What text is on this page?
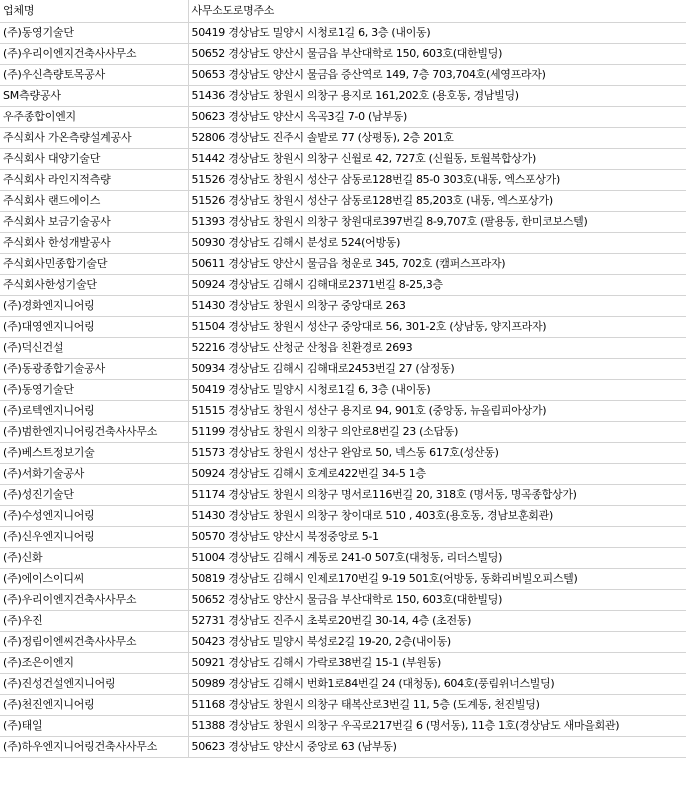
업체명	사무소도로명주소
(주)동영기술단	50419 경상남도 밀양시 시청로1길 6, 3층 (내이동)
(주)우리이엔지건축사사무소	50652 경상남도 양산시 물금읍 부산대학로 150, 603호(대한빌딩)
(주)우신측량토목공사	50653 경상남도 양산시 물금읍 증산역로 149, 7층 703,704호(세영프라자)
SM측량공사	51436 경상남도 창원시 의창구 용지로 161,202호 (용호동, 경남빌딩)
우주종합이엔지	50623 경상남도 양산시 옥곡3길 7-0 (남부동)
주식회사 가온측량설계공사	52806 경상남도 진주시 솔밭로 77 (상평동), 2층 201호
주식회사 대양기술단	51442 경상남도 창원시 의창구 신월로 42, 727호 (신월동, 토월복합상가)
주식회사 라인지적측량	51526 경상남도 창원시 성산구 삼동로128번길 85-0 303호(내동, 엑스포상가)
주식회사 랜드에이스	51526 경상남도 창원시 성산구 삼동로128번길 85,203호 (내동, 엑스포상가)
주식회사 보금기술공사	51393 경상남도 창원시 의창구 창원대로397번길 8-9,707호 (팔용동, 한미코보스텔)
주식회사 한성개발공사	50930 경상남도 김해시 분성로 524(어방동)
주식회사민종합기술단	50611 경상남도 양산시 물금읍 청운로 345, 702호 (캠퍼스프라자)
주식회사한성기술단	50924 경상남도 김해시 김해대로2371번길 8-25,3층
(주)경화엔지니어링	51430 경상남도 창원시 의창구 중앙대로 263
(주)대영엔지니어링	51504 경상남도 창원시 성산구 중앙대로 56, 301-2호 (상남동, 양지프라자)
(주)덕신건설	52216 경상남도 산청군 산청읍 친환경로 2693
(주)동광종합기술공사	50934 경상남도 김해시 김해대로2453번길 27 (삼정동)
(주)동영기술단	50419 경상남도 밀양시 시청로1길 6, 3층 (내이동)
(주)로텍엔지니어링	51515 경상남도 창원시 성산구 용지로 94, 901호 (중앙동, 뉴올림피아상가)
(주)범한엔지니어링건축사사무소	51199 경상남도 창원시 의창구 의안로8번길 23 (소답동)
(주)베스트정보기술	51573 경상남도 창원시 성산구 완암로 50, 넥스동 617호(성산동)
(주)서화기술공사	50924 경상남도 김해시 호계로422번길 34-5 1층
(주)성진기술단	51174 경상남도 창원시 의창구 명서로116번길 20, 318호 (명서동, 명곡종합상가)
(주)수성엔지니어링	51430 경상남도 창원시 의창구 창이대로 510 , 403호(용호동, 경남보훈회관)
(주)신우엔지니어링	50570 경상남도 양산시 북정중앙로 5-1
(주)신화	51004 경상남도 김해시 계동로 241-0 507호(대청동, 리더스빌딩)
(주)에이스이디씨	50819 경상남도 김해시 인제로170번길 9-19 501호(어방동, 동화리버빌오피스텔)
(주)우리이엔지건축사사무소	50652 경상남도 양산시 물금읍 부산대학로 150, 603호(대한빌딩)
(주)우진	52731 경상남도 진주시 초북로20번길 30-14, 4층 (초전동)
(주)정림이엔씨건축사사무소	50423 경상남도 밀양시 북성로2길 19-20, 2층(내이동)
(주)조은이엔지	50921 경상남도 김해시 가락로38번길 15-1 (부원동)
(주)진성건설엔지니어링	50989 경상남도 김해시 번화1로84번길 24 (대청동), 604호(풍림위너스빌딩)
(주)천진엔지니어링	51168 경상남도 창원시 의창구 태복산로3번길 11, 5층 (도계동, 천진빌딩)
(주)태일	51388 경상남도 창원시 의창구 우곡로217번길 6 (명서동), 11층 1호(경상남도 새마을회관)
(주)하우엔지니어링건축사사무소	50623 경상남도 양산시 중앙로 63 (남부동)
